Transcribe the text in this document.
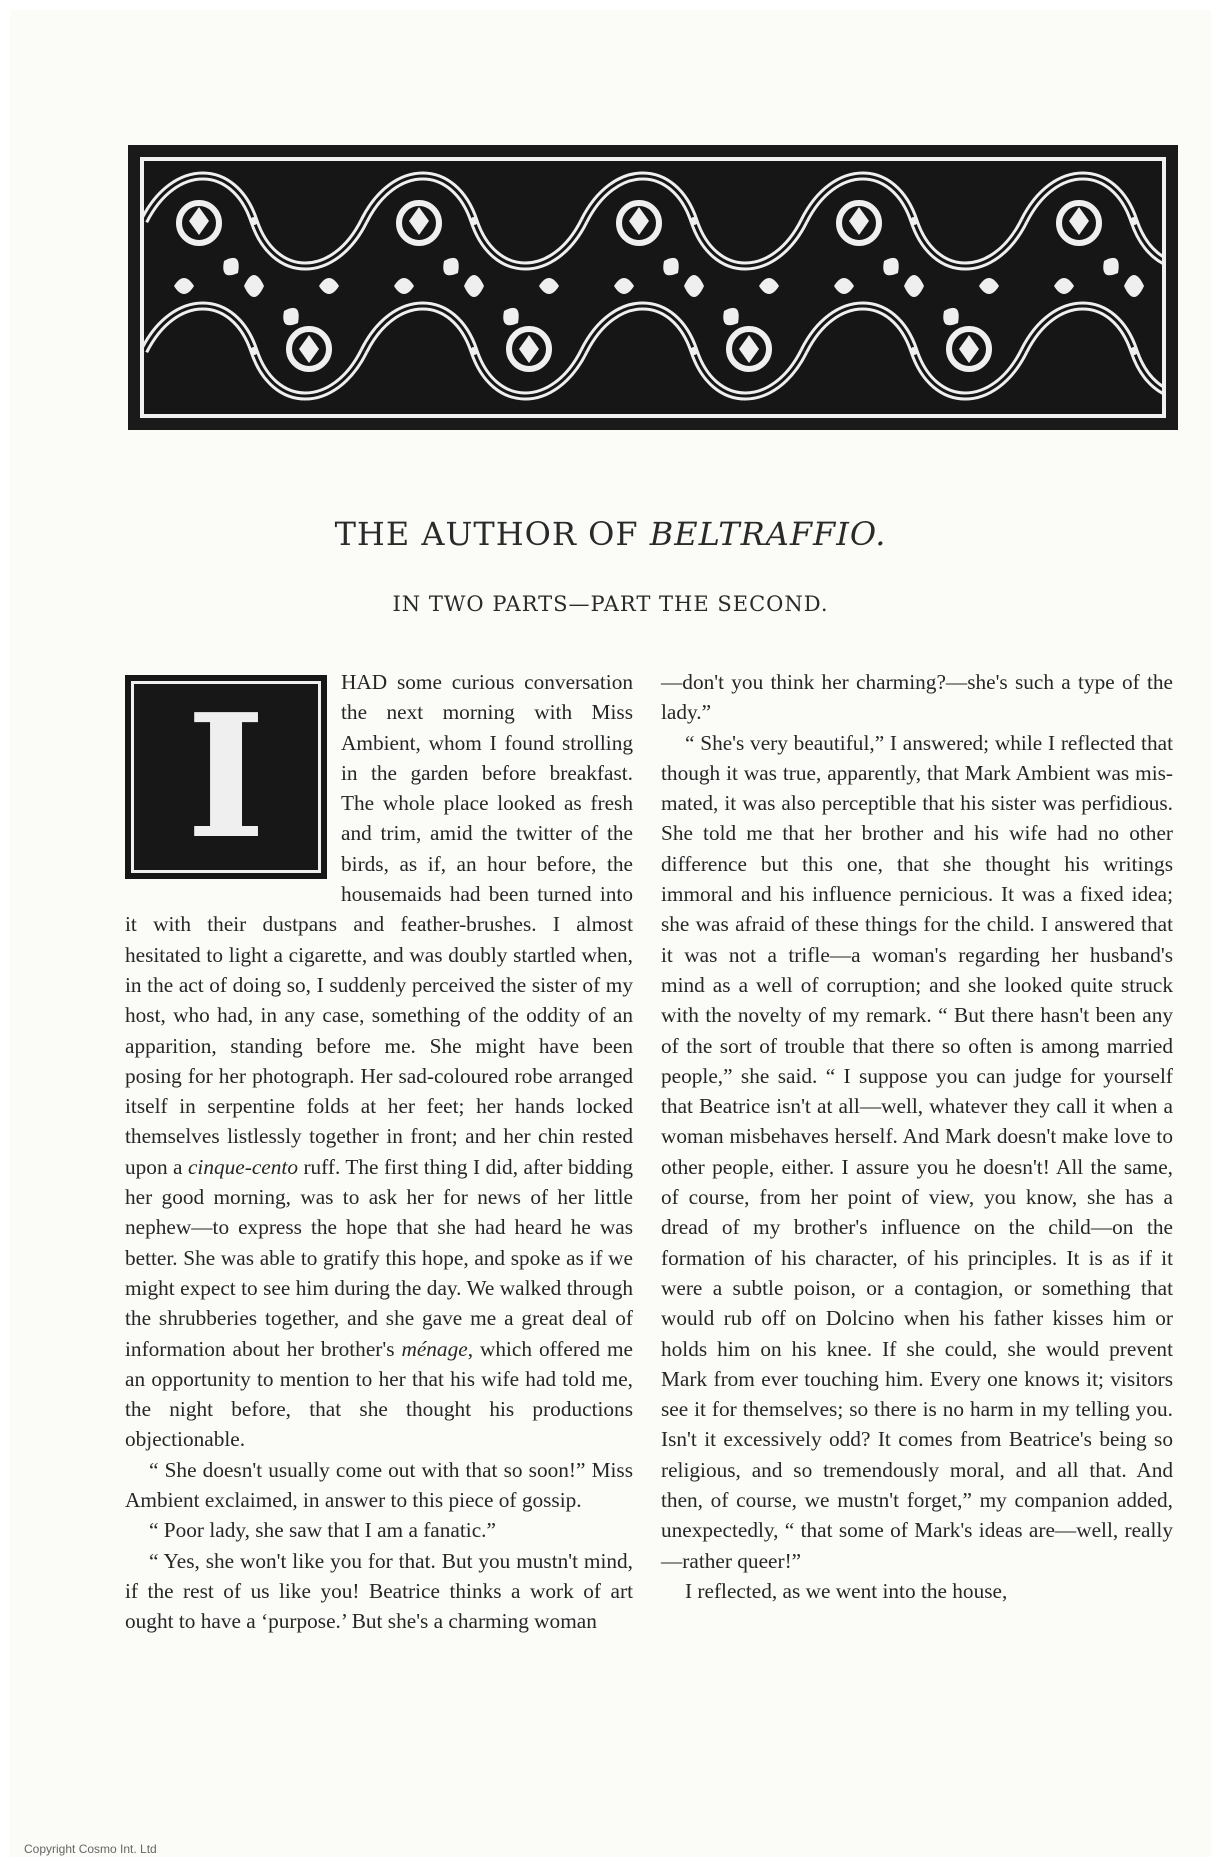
THE AUTHOR OF BELTRAFFIO.
IN TWO PARTS—PART THE SECOND.
I	HAD some curious conversation the next morning with Miss Ambient, whom I found strolling in the garden before breakfast. The whole place looked as fresh and trim, amid the twitter of the birds, as if, an hour before, the housemaids had been turned into it with their dustpans and feather-brushes. I almost hesitated to light a cigarette, and was doubly startled when, in the act of doing so, I suddenly perceived the sister of my host, who had, in any case, something of the oddity of an apparition, standing before me. She might have been posing for her photograph. Her sad-coloured robe arranged itself in serpentine folds at her feet; her hands locked themselves listlessly together in front; and her chin rested upon a cinque-cento ruff. The first thing I did, after bidding her good morning, was to ask her for news of her little nephew—to express the hope that she had heard he was better. She was able to gratify this hope, and spoke as if we might expect to see him during the day. We walked through the shrubberies together, and she gave me a great deal of information about her brother's ménage, which offered me an opportunity to mention to her that his wife had told me, the night before, that she thought his productions objectionable.

“ She doesn't usually come out with that so soon!” Miss Ambient exclaimed, in answer to this piece of gossip.

“ Poor lady, she saw that I am a fanatic.”

“ Yes, she won't like you for that. But you mustn't mind, if the rest of us like you! Beatrice thinks a work of art ought to have a ‘purpose.’ But she's a charming woman

—don't you think her charming?—she's such a type of the lady.”

“ She's very beautiful,” I answered; while I reflected that though it was true, apparently, that Mark Ambient was mis-mated, it was also perceptible that his sister was perfidious. She told me that her brother and his wife had no other difference but this one, that she thought his writings immoral and his influence pernicious. It was a fixed idea; she was afraid of these things for the child. I answered that it was not a trifle—a woman's regarding her husband's mind as a well of corruption; and she looked quite struck with the novelty of my remark. “ But there hasn't been any of the sort of trouble that there so often is among married people,” she said. “ I suppose you can judge for yourself that Beatrice isn't at all—well, whatever they call it when a woman misbehaves herself. And Mark doesn't make love to other people, either. I assure you he doesn't! All the same, of course, from her point of view, you know, she has a dread of my brother's influence on the child—on the formation of his character, of his principles. It is as if it were a subtle poison, or a contagion, or something that would rub off on Dolcino when his father kisses him or holds him on his knee. If she could, she would prevent Mark from ever touching him. Every one knows it; visitors see it for themselves; so there is no harm in my telling you. Isn't it excessively odd? It comes from Beatrice's being so religious, and so tremendously moral, and all that. And then, of course, we mustn't forget,” my companion added, unexpectedly, “ that some of Mark's ideas are—well, really—rather queer!”

I reflected, as we went into the house,

Copyright Cosmo Int. Ltd
